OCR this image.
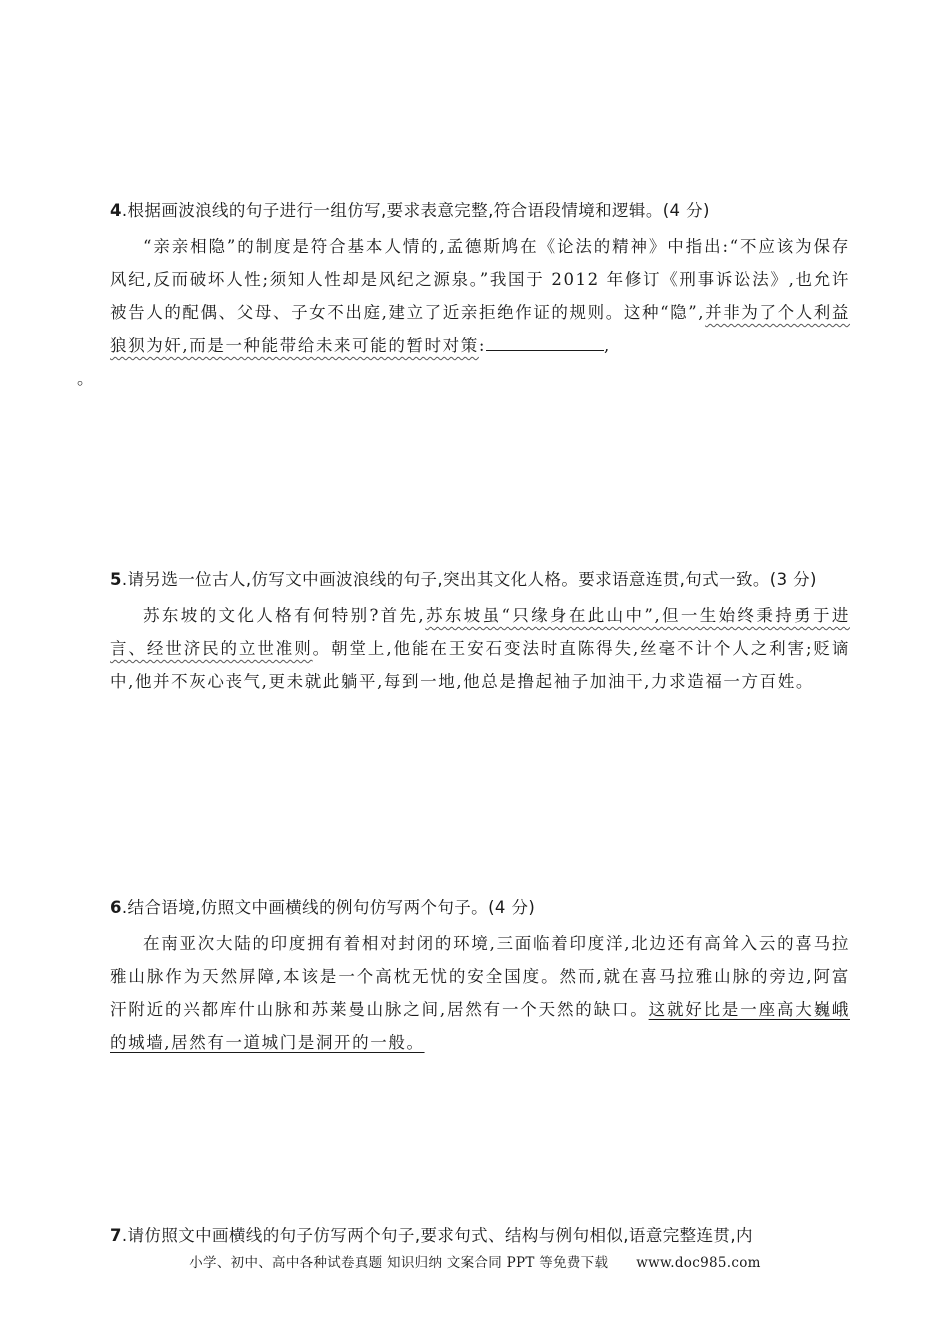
4.根据画波浪线的句子进行一组仿写,要求表意完整,符合语段情境和逻辑。(4 分)
“亲亲相隐”的制度是符合基本人情的,孟德斯鸠在《论法的精神》中指出:“不应该为保存风纪,反而破坏人性;须知人性却是风纪之源泉。”我国于 2012 年修订《刑事诉讼法》,也允许被告人的配偶、父母、子女不出庭,建立了近亲拒绝作证的规则。这种“隐”,并非为了个人利益狼狈为奸,而是一种能带给未来可能的暂时对策:	,
。
5.请另选一位古人,仿写文中画波浪线的句子,突出其文化人格。要求语意连贯,句式一致。(3 分)
苏东坡的文化人格有何特别?首先,苏东坡虽“只缘身在此山中”,但一生始终秉持勇于进言、经世济民的立世准则。朝堂上,他能在王安石变法时直陈得失,丝毫不计个人之利害;贬谪中,他并不灰心丧气,更未就此躺平,每到一地,他总是撸起袖子加油干,力求造福一方百姓。
6.结合语境,仿照文中画横线的例句仿写两个句子。(4 分)
在南亚次大陆的印度拥有着相对封闭的环境,三面临着印度洋,北边还有高耸入云的喜马拉雅山脉作为天然屏障,本该是一个高枕无忧的安全国度。然而,就在喜马拉雅山脉的旁边,阿富汗附近的兴都库什山脉和苏莱曼山脉之间,居然有一个天然的缺口。这就好比是一座高大巍峨的城墙,居然有一道城门是洞开的一般。
7.请仿照文中画横线的句子仿写两个句子,要求句式、结构与例句相似,语意完整连贯,内
小学、初中、高中各种试卷真题 知识归纳 文案合同 PPT 等免费下载 www.doc985.com
